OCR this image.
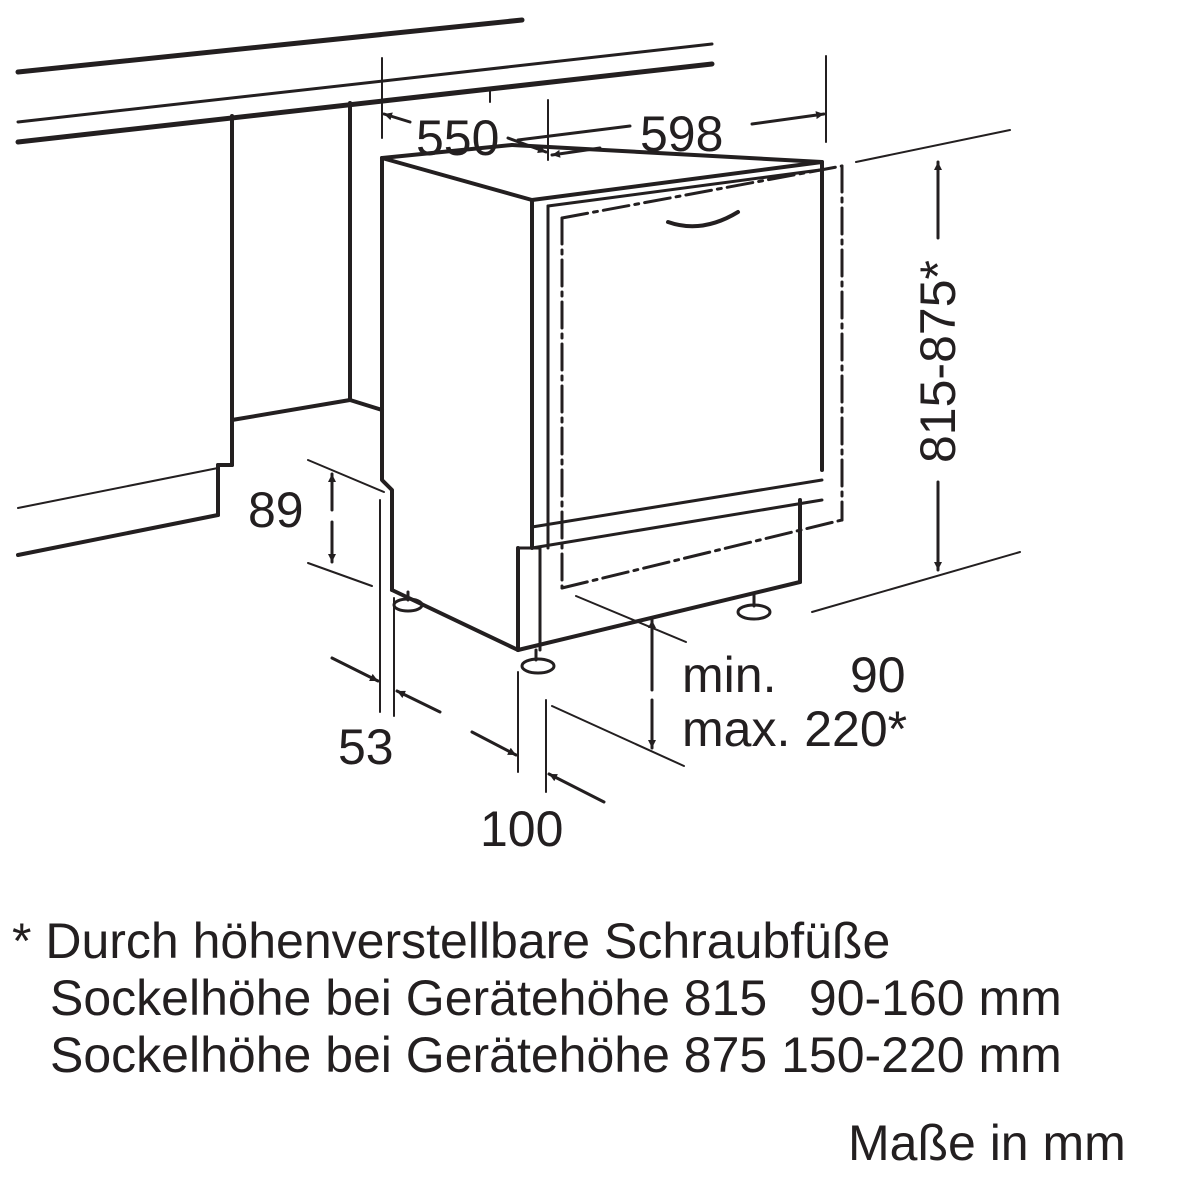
550	598
815-875*
89
53
100
min. 90
max. 220*
* Durch höhenverstellbare Schraubfüße
Sockelhöhe bei Gerätehöhe 815   90-160 mm
Sockelhöhe bei Gerätehöhe 875 150-220 mm
Maße in mm
